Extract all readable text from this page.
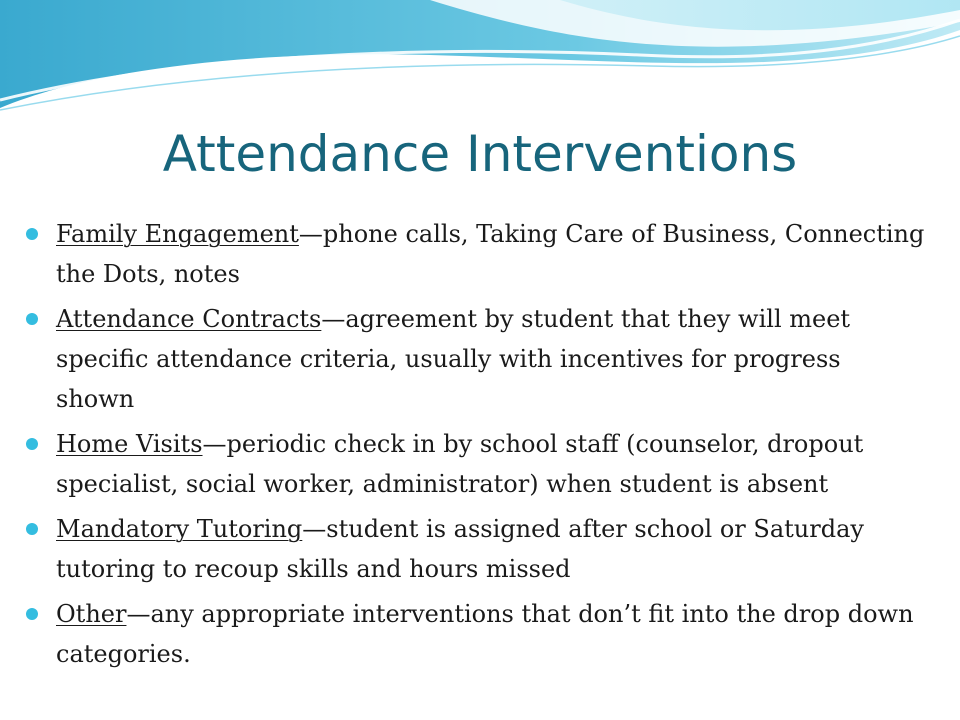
Attendance Interventions
Family Engagement—phone calls, Taking Care of Business, Connecting the Dots, notes
Attendance Contracts—agreement by student that they will meet specific attendance criteria, usually with incentives for progress shown
Home Visits—periodic check in by school staff (counselor, dropout specialist, social worker, administrator) when student is absent
Mandatory Tutoring—student is assigned after school or Saturday tutoring to recoup skills and hours missed
Other—any appropriate interventions that don’t fit into the drop down categories.
